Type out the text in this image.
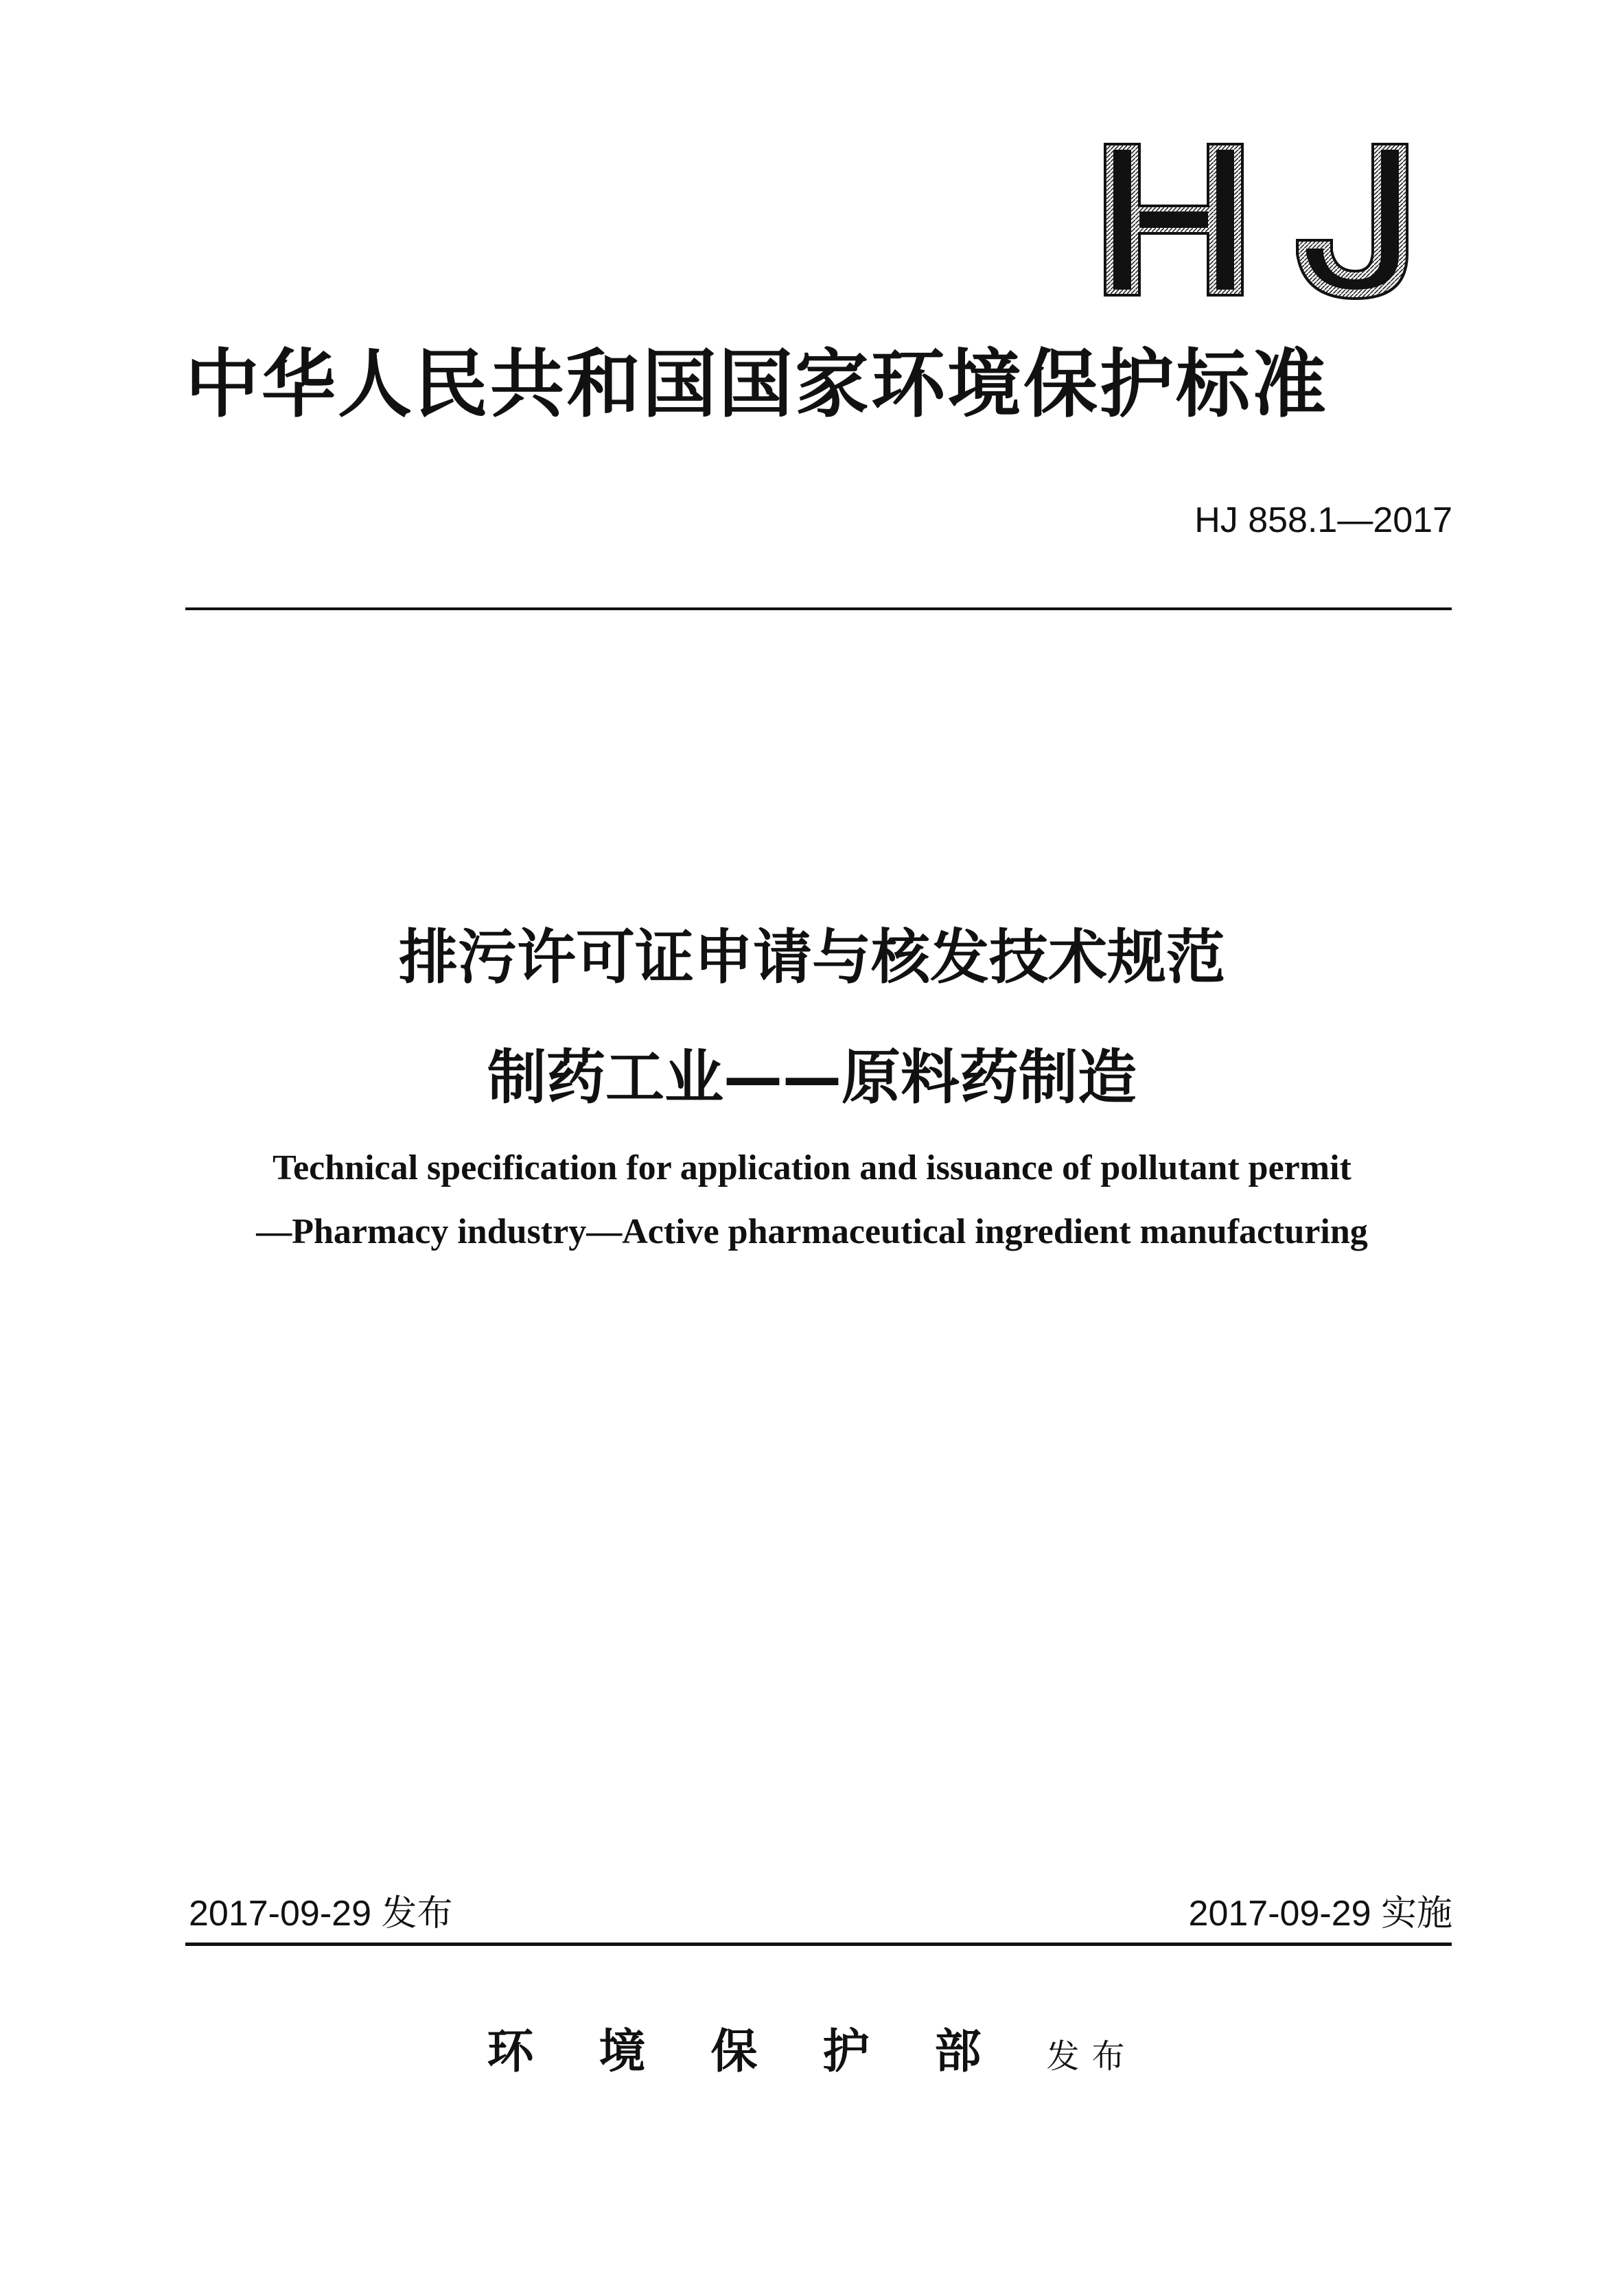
中华人民共和国国家环境保护标准
HJ 858.1—2017
排污许可证申请与核发技术规范
制药工业——原料药制造
Technical specification for application and issuance of pollutant permit
—Pharmacy industry—Active pharmaceutical ingredient manufacturing
2017-09-29 发布	2017-09-29 实施
环境保护部发布
